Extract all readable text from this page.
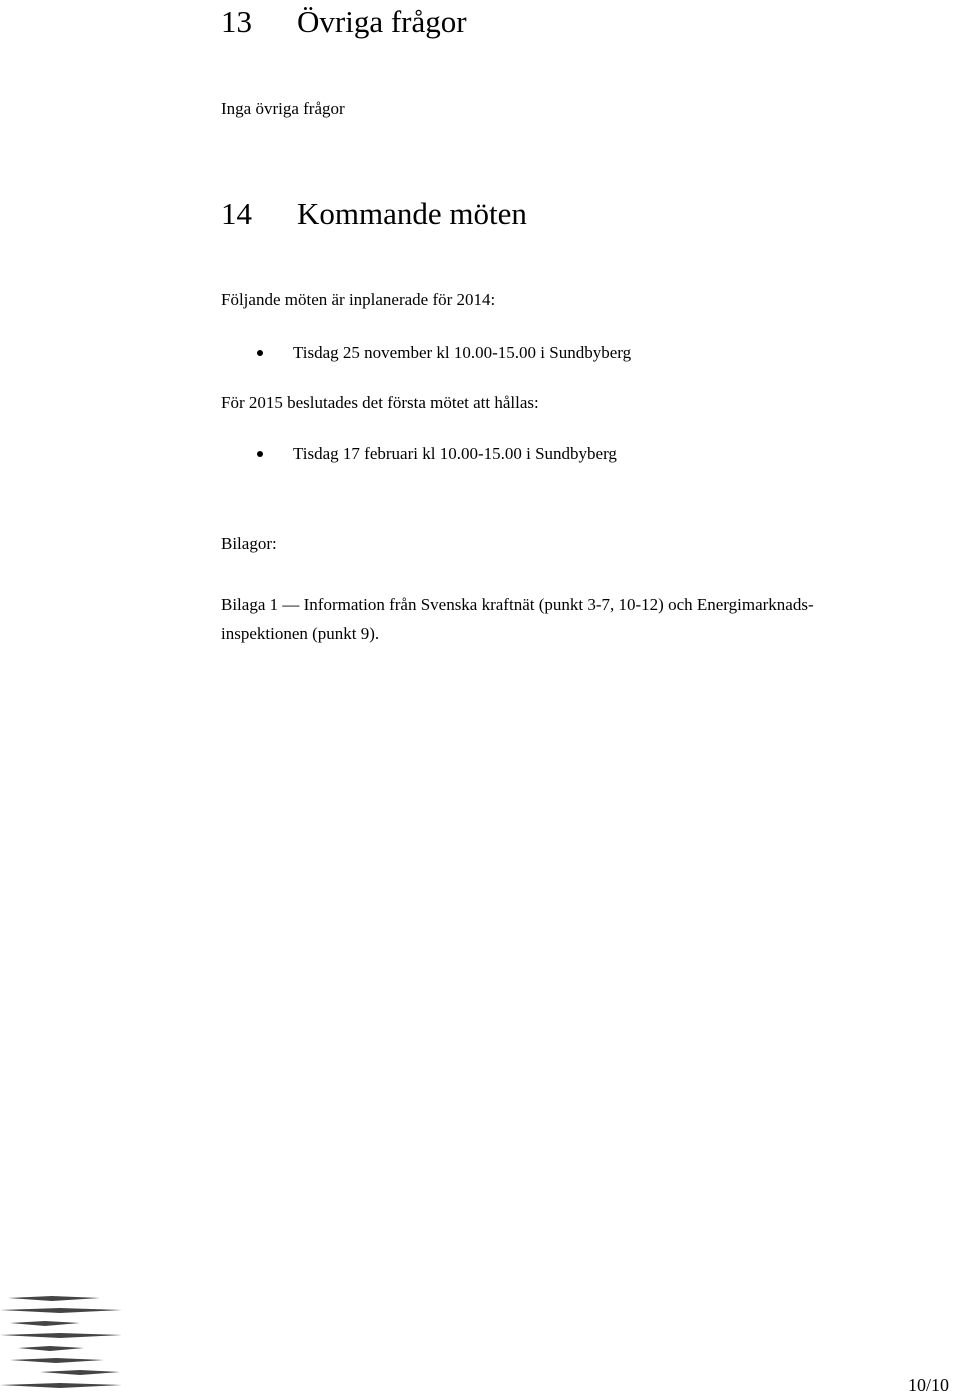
13 Övriga frågor
Inga övriga frågor
14 Kommande möten
Följande möten är inplanerade för 2014:
Tisdag 25 november kl 10.00-15.00 i Sundbyberg
För 2015 beslutades det första mötet att hållas:
Tisdag 17 februari kl 10.00-15.00 i Sundbyberg
Bilagor:
Bilaga 1 — Information från Svenska kraftnät (punkt 3-7, 10-12) och Energimarknads-
inspektionen (punkt 9).
10/10
